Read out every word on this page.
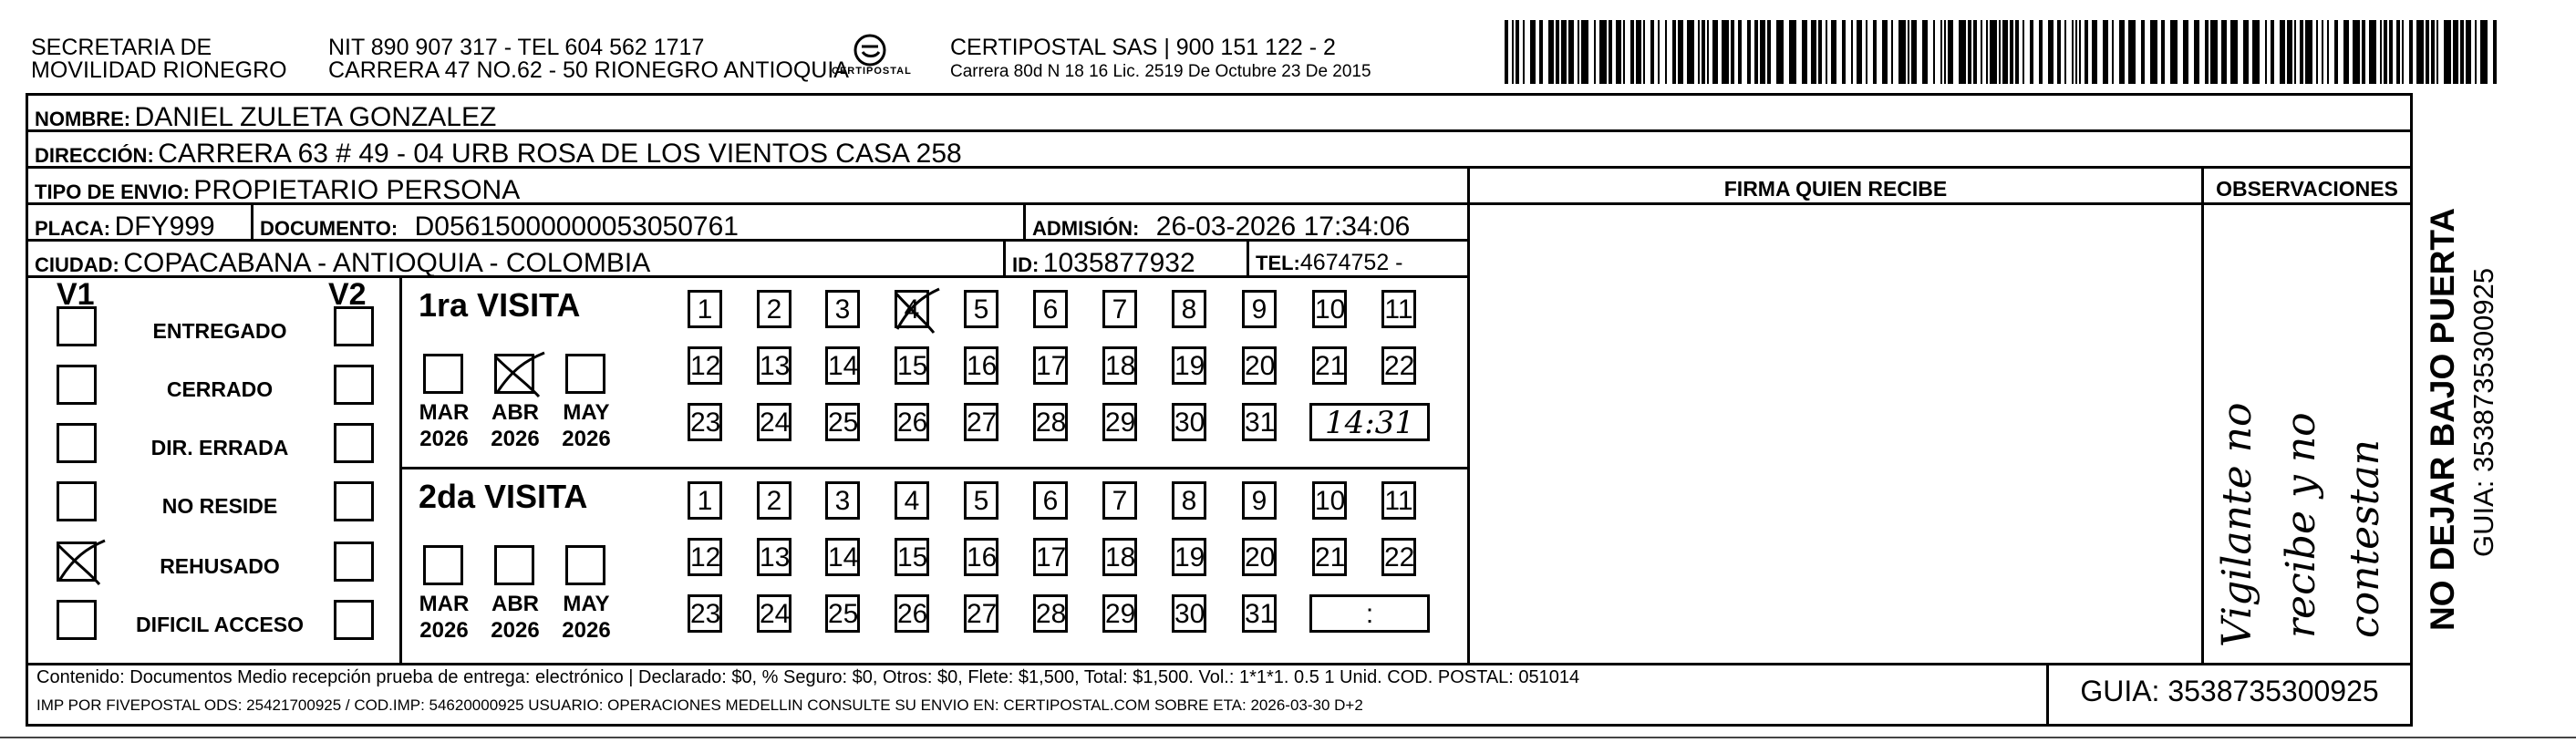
SECRETARIA DE
MOVILIDAD RIONEGRO
NIT 890 907 317 - TEL 604 562 1717
CARRERA 47 NO.62 - 50 RIONEGRO ANTIOQUIA
CERTIPOSTAL
CERTIPOSTAL SAS | 900 151 122 - 2
Carrera 80d N 18 16 Lic. 2519 De Octubre 23 De 2015
NOMBRE: DANIEL ZULETA GONZALEZ
DIRECCIÓN: CARRERA 63 # 49 - 04 URB ROSA DE LOS VIENTOS CASA 258
TIPO DE ENVIO: PROPIETARIO PERSONA	FIRMA QUIEN RECIBE	OBSERVACIONES
PLACA: DFY999 DOCUMENTO: D05615000000053050761	ADMISIÓN: 26-03-2026 17:34:06
CIUDAD: COPACABANA - ANTIOQUIA - COLOMBIA	ID: 1035877932	TEL:4674752 -
V1	V2
ENTREGADO
CERRADO
DIR. ERRADA
NO RESIDE
REHUSADO
DIFICIL ACCESO
1ra VISITA
MAR
2026
ABR
2026
MAY
2026
1	2	3	4	5	6	7	8	9	10 11
12 13 14 15 16 17 18 19 20 21 22
23 24 25 26 27 28 29 30 31	14:31
2da VISITA
MAR
2026
ABR
2026
MAY
2026
1	2	3	4	5	6	7	8	9	10 11
12 13 14 15 16 17 18 19 20 21 22
23 24 25 26 27 28 29 30 31	:	Vigilante no recibe y no contestan
Contenido: Documentos Medio recepción prueba de entrega: electrónico | Declarado: $0, % Seguro: $0, Otros: $0, Flete: $1,500, Total: $1,500. Vol.: 1*1*1. 0.5 1 Unid. COD. POSTAL: 051014
IMP POR FIVEPOSTAL ODS: 25421700925 / COD.IMP: 54620000925 USUARIO: OPERACIONES MEDELLIN CONSULTE SU ENVIO EN: CERTIPOSTAL.COM SOBRE ETA: 2026-03-30 D+2	GUIA: 3538735300925
NO DEJAR BAJO PUERTA GUIA: 3538735300925
